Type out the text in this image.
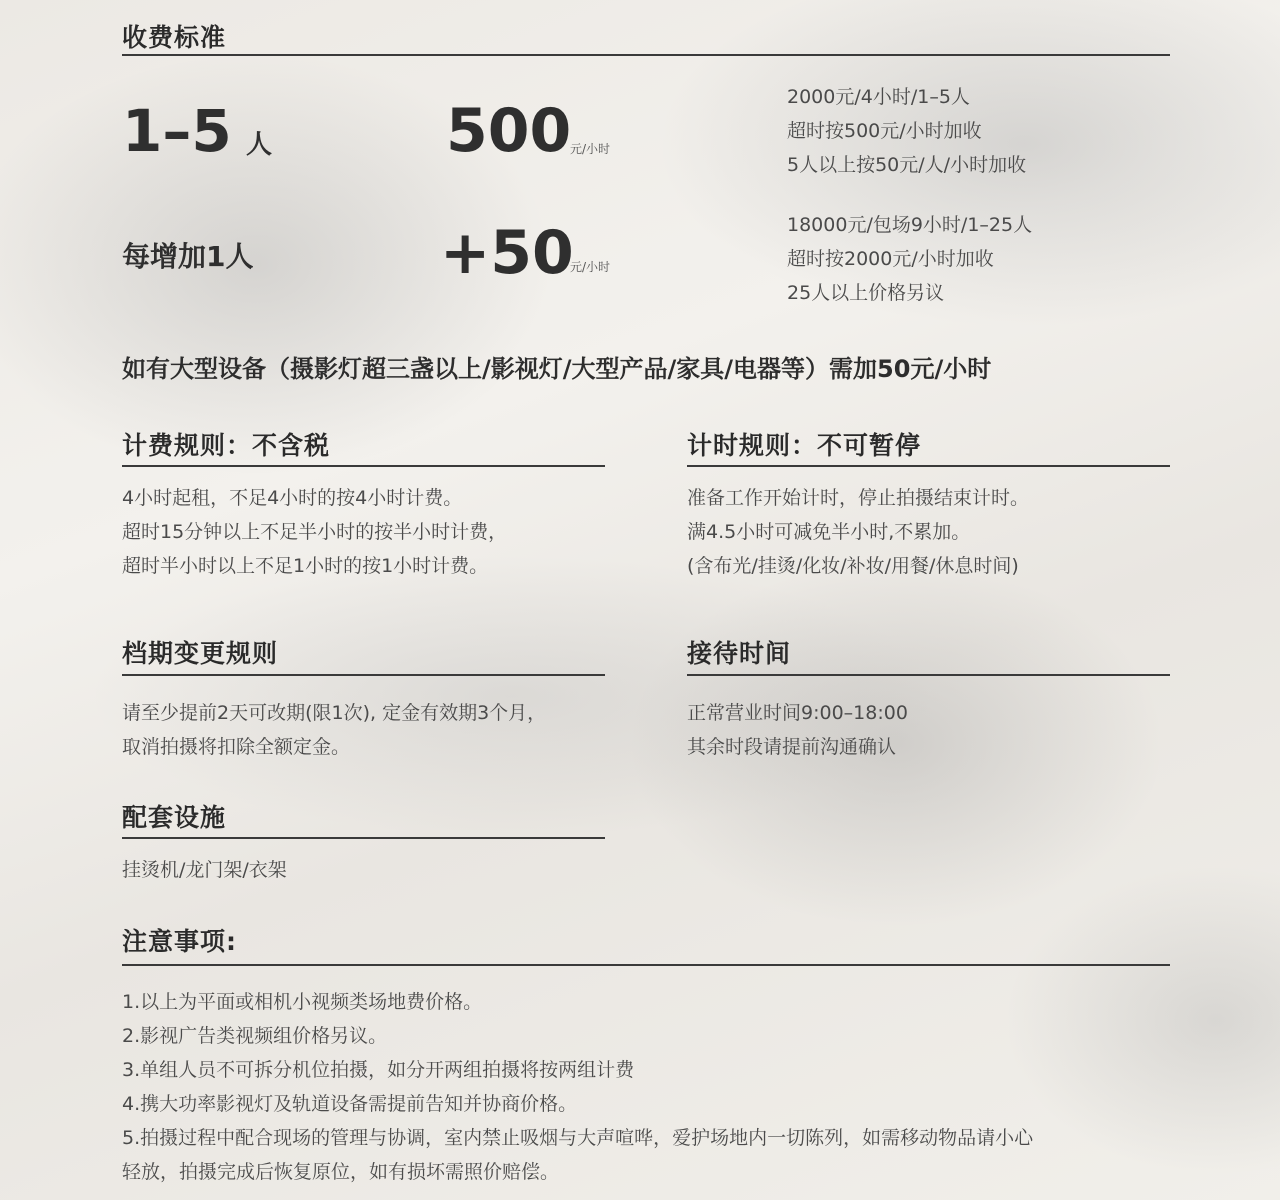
收费标准
1–5 人	500
元/小时
2000元/4小时/1–5人
超时按500元/小时加收
5人以上按50元/人/小时加收
每增加1人	+50
元/小时
18000元/包场9小时/1–25人
超时按2000元/小时加收
25人以上价格另议
如有大型设备（摄影灯超三盏以上/影视灯/大型产品/家具/电器等）需加50元/小时
计费规则：不含税
4小时起租，不足4小时的按4小时计费。
超时15分钟以上不足半小时的按半小时计费，
超时半小时以上不足1小时的按1小时计费。
计时规则：不可暂停
准备工作开始计时，停止拍摄结束计时。
满4.5小时可减免半小时,不累加。
(含布光/挂烫/化妆/补妆/用餐/休息时间)
档期变更规则
请至少提前2天可改期(限1次), 定金有效期3个月，
取消拍摄将扣除全额定金。
接待时间
正常营业时间9:00–18:00
其余时段请提前沟通确认
配套设施
挂烫机/龙门架/衣架
注意事项:
1.以上为平面或相机小视频类场地费价格。
2.影视广告类视频组价格另议。
3.单组人员不可拆分机位拍摄，如分开两组拍摄将按两组计费
4.携大功率影视灯及轨道设备需提前告知并协商价格。
5.拍摄过程中配合现场的管理与协调，室内禁止吸烟与大声喧哗，爱护场地内一切陈列，如需移动物品请小心
轻放，拍摄完成后恢复原位，如有损坏需照价赔偿。
